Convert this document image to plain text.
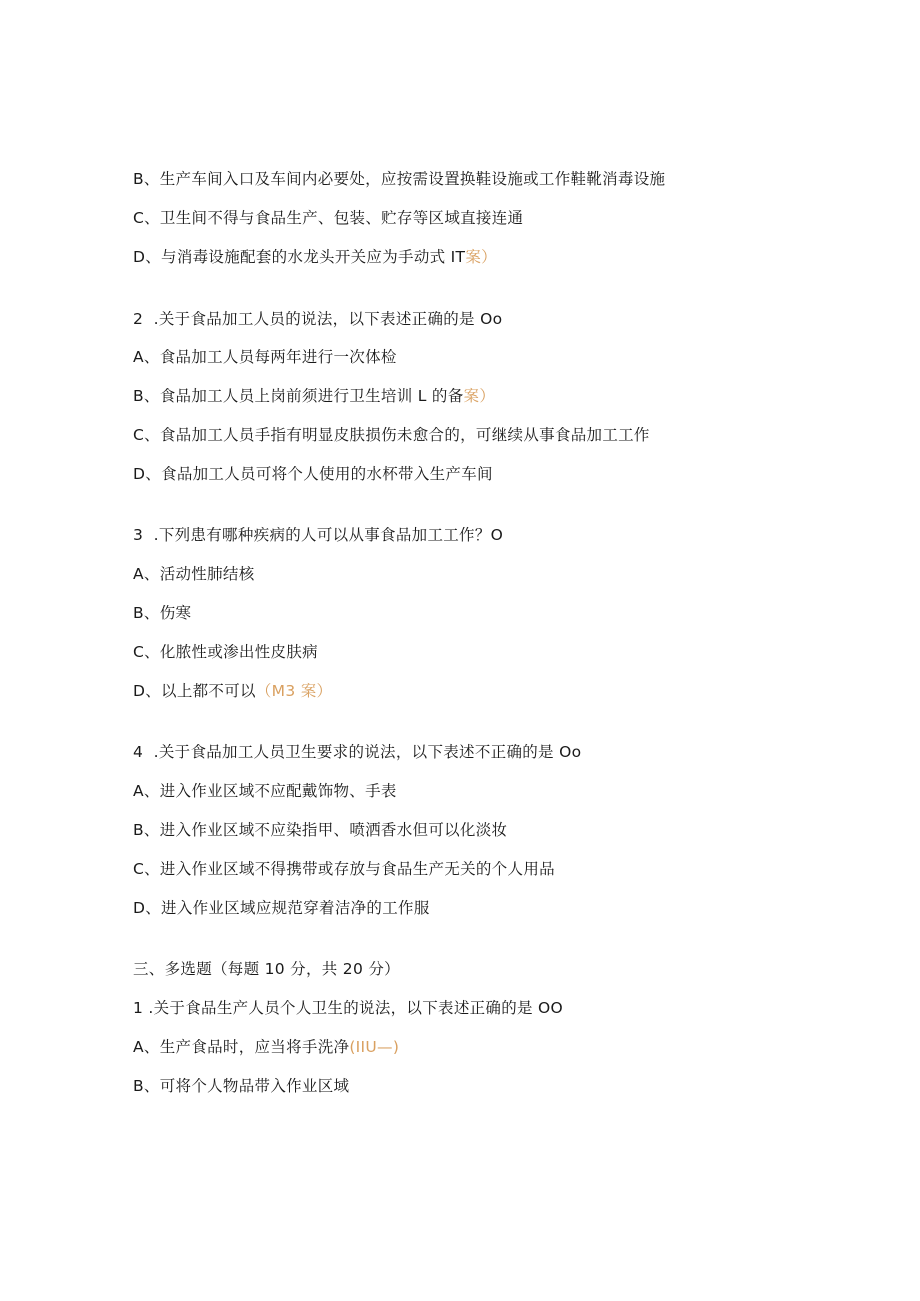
B、生产车间入口及车间内必要处，应按需设置换鞋设施或工作鞋靴消毒设施
C、卫生间不得与食品生产、包装、贮存等区域直接连通
D、与消毒设施配套的水龙头开关应为手动式 IT案）
2  .关于食品加工人员的说法，以下表述正确的是 Oo
A、食品加工人员每两年进行一次体检
B、食品加工人员上岗前须进行卫生培训 L 的备案）
C、食品加工人员手指有明显皮肤损伤未愈合的，可继续从事食品加工工作
D、食品加工人员可将个人使用的水杯带入生产车间
3  .下列患有哪种疾病的人可以从事食品加工工作？O
A、活动性肺结核
B、伤寒
C、化脓性或渗出性皮肤病
D、以上都不可以（M3 案）
4  .关于食品加工人员卫生要求的说法，以下表述不正确的是 Oo
A、进入作业区域不应配戴饰物、手表
B、进入作业区域不应染指甲、喷洒香水但可以化淡妆
C、进入作业区域不得携带或存放与食品生产无关的个人用品
D、进入作业区域应规范穿着洁净的工作服
三、多选题（每题 10 分，共 20 分）
1 .关于食品生产人员个人卫生的说法，以下表述正确的是 OO
A、生产食品时，应当将手洗净(IIU—)
B、可将个人物品带入作业区域
